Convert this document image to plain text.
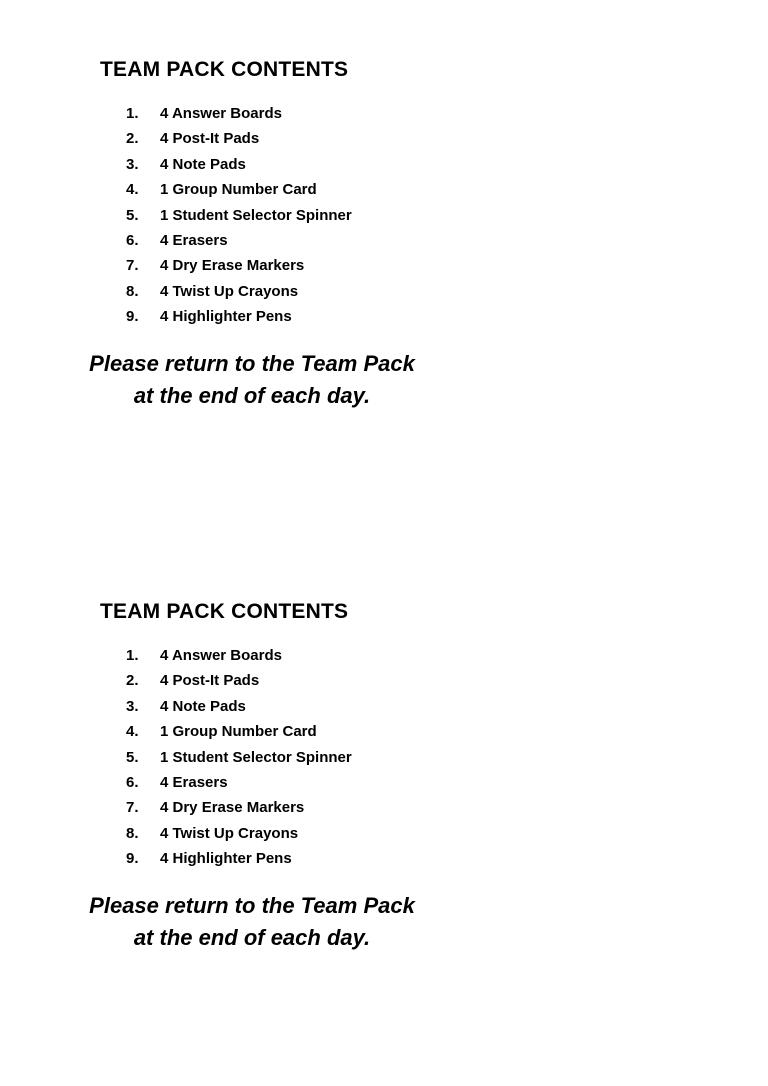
TEAM PACK CONTENTS
1. 4 Answer Boards
2. 4 Post-It Pads
3. 4 Note Pads
4. 1 Group Number Card
5. 1 Student Selector Spinner
6. 4 Erasers
7. 4 Dry Erase Markers
8. 4 Twist Up Crayons
9. 4 Highlighter Pens

Please return to the Team Pack
at the end of each day.

TEAM PACK CONTENTS
1. 4 Answer Boards
2. 4 Post-It Pads
3. 4 Note Pads
4. 1 Group Number Card
5. 1 Student Selector Spinner
6. 4 Erasers
7. 4 Dry Erase Markers
8. 4 Twist Up Crayons
9. 4 Highlighter Pens

Please return to the Team Pack
at the end of each day.
